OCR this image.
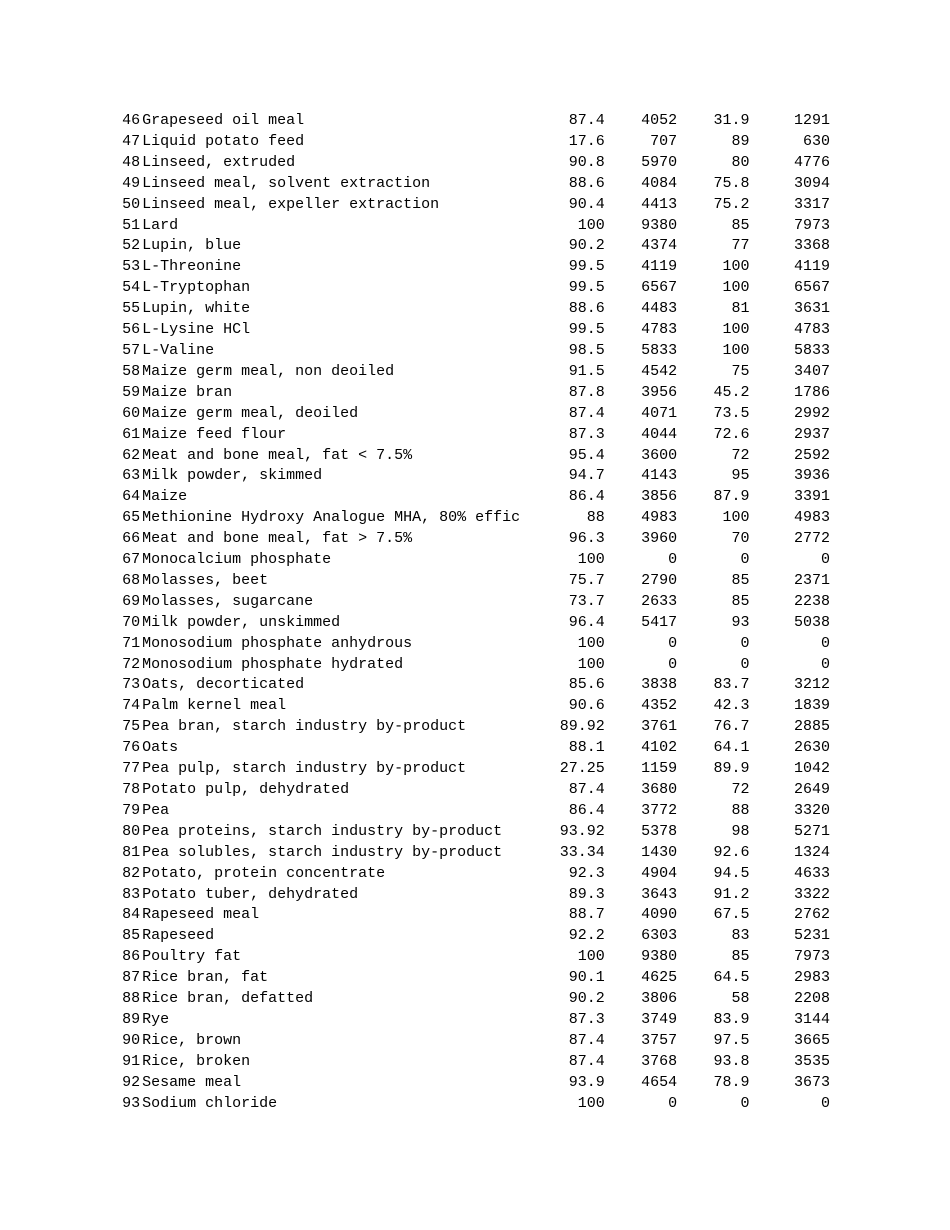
46	Grapeseed oil meal	87.4	4052	31.9	1291
47	Liquid potato feed	17.6	707	89	630
48	Linseed, extruded	90.8	5970	80	4776
49	Linseed meal, solvent extraction	88.6	4084	75.8	3094
50	Linseed meal, expeller extraction	90.4	4413	75.2	3317
51	Lard	100	9380	85	7973
52	Lupin, blue	90.2	4374	77	3368
53	L-Threonine	99.5	4119	100	4119
54	L-Tryptophan	99.5	6567	100	6567
55	Lupin, white	88.6	4483	81	3631
56	L-Lysine HCl	99.5	4783	100	4783
57	L-Valine	98.5	5833	100	5833
58	Maize germ meal, non deoiled	91.5	4542	75	3407
59	Maize bran	87.8	3956	45.2	1786
60	Maize germ meal, deoiled	87.4	4071	73.5	2992
61	Maize feed flour	87.3	4044	72.6	2937
62	Meat and bone meal, fat < 7.5%	95.4	3600	72	2592
63	Milk powder, skimmed	94.7	4143	95	3936
64	Maize	86.4	3856	87.9	3391
65	Methionine Hydroxy Analogue MHA, 80% effic	88	4983	100	4983
66	Meat and bone meal, fat > 7.5%	96.3	3960	70	2772
67	Monocalcium phosphate	100	0	0	0
68	Molasses, beet	75.7	2790	85	2371
69	Molasses, sugarcane	73.7	2633	85	2238
70	Milk powder, unskimmed	96.4	5417	93	5038
71	Monosodium phosphate anhydrous	100	0	0	0
72	Monosodium phosphate hydrated	100	0	0	0
73	Oats, decorticated	85.6	3838	83.7	3212
74	Palm kernel meal	90.6	4352	42.3	1839
75	Pea bran, starch industry by-product	89.92	3761	76.7	2885
76	Oats	88.1	4102	64.1	2630
77	Pea pulp, starch industry by-product	27.25	1159	89.9	1042
78	Potato pulp, dehydrated	87.4	3680	72	2649
79	Pea	86.4	3772	88	3320
80	Pea proteins, starch industry by-product	93.92	5378	98	5271
81	Pea solubles, starch industry by-product	33.34	1430	92.6	1324
82	Potato, protein concentrate	92.3	4904	94.5	4633
83	Potato tuber, dehydrated	89.3	3643	91.2	3322
84	Rapeseed meal	88.7	4090	67.5	2762
85	Rapeseed	92.2	6303	83	5231
86	Poultry fat	100	9380	85	7973
87	Rice bran, fat	90.1	4625	64.5	2983
88	Rice bran, defatted	90.2	3806	58	2208
89	Rye	87.3	3749	83.9	3144
90	Rice, brown	87.4	3757	97.5	3665
91	Rice, broken	87.4	3768	93.8	3535
92	Sesame meal	93.9	4654	78.9	3673
93	Sodium chloride	100	0	0	0
